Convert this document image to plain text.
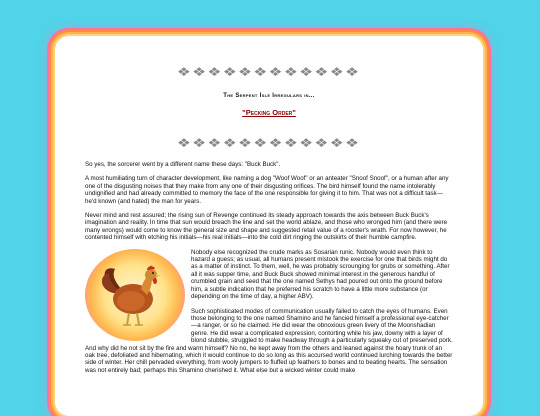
❖❖❖❖❖❖❖❖❖❖❖❖
The Serpent Isle Irregulars in...
"Pecking Order"
❖❖❖❖❖❖❖❖❖❖❖❖

So yes, the sorcerer went by a different name these days: "Buck Buck".

A most humiliating turn of character development, like naming a dog "Woof Woof" or an anteater "Snoof Snoof", or a human after any one of the disgusting noises that they make from any one of their disgusting orifices. The bird himself found the name intolerably undignified and had already committed to memory the face of the one responsible for giving it to him. That was not a difficult task—he'd known (and hated) the man for years.

Never mind and rest assured; the rising sun of Revenge continued its steady approach towards the axis between Buck Buck's imagination and reality. In time that sun would breach the line and set the world ablaze, and those who wronged him (and there were many wrongs) would come to know the general size and shape and suggested retail value of a rooster's wrath. For now however, he contented himself with etching his initials—his real initials—into the cold dirt ringing the outskirts of their humble campfire.

Nobody else recognized the crude marks as Sosarian runic. Nobody would even think to hazard a guess; as usual, all humans present mistook the exercise for one that birds might do as a matter of instinct. To them, well, he was probably scrounging for grubs or something. After all it was supper time, and Buck Buck showed minimal interest in the generous handful of crumbled grain and seed that the one named Sethys had poured out onto the ground before him, a subtle indication that he preferred his scratch to have a little more substance (or depending on the time of day, a higher ABV).

Such sophisticated modes of communication usually failed to catch the eyes of humans. Even those belonging to the one named Shamino and he fancied himself a professional eye-catcher—a ranger, or so he claimed. He did wear the obnoxious green livery of the Moonshadian genre. He did wear a complicated expression, contorting while his jaw, downy with a layer of blond stubble, struggled to make headway through a particularly squeaky cut of preserved pork. And why did he not sit by the fire and warm himself? No no, he kept away from the others and leaned against the hoary trunk of an oak tree, defoliated and hibernating, which it would continue to do so long as this accursed world continued lurching towards the better side of winter. Her chill pervaded everything, from wooly jumpers to fluffed up feathers to bones and to beating hearts. The sensation was not entirely bad; perhaps this Shamino cherished it. What else but a wicked winter could make
